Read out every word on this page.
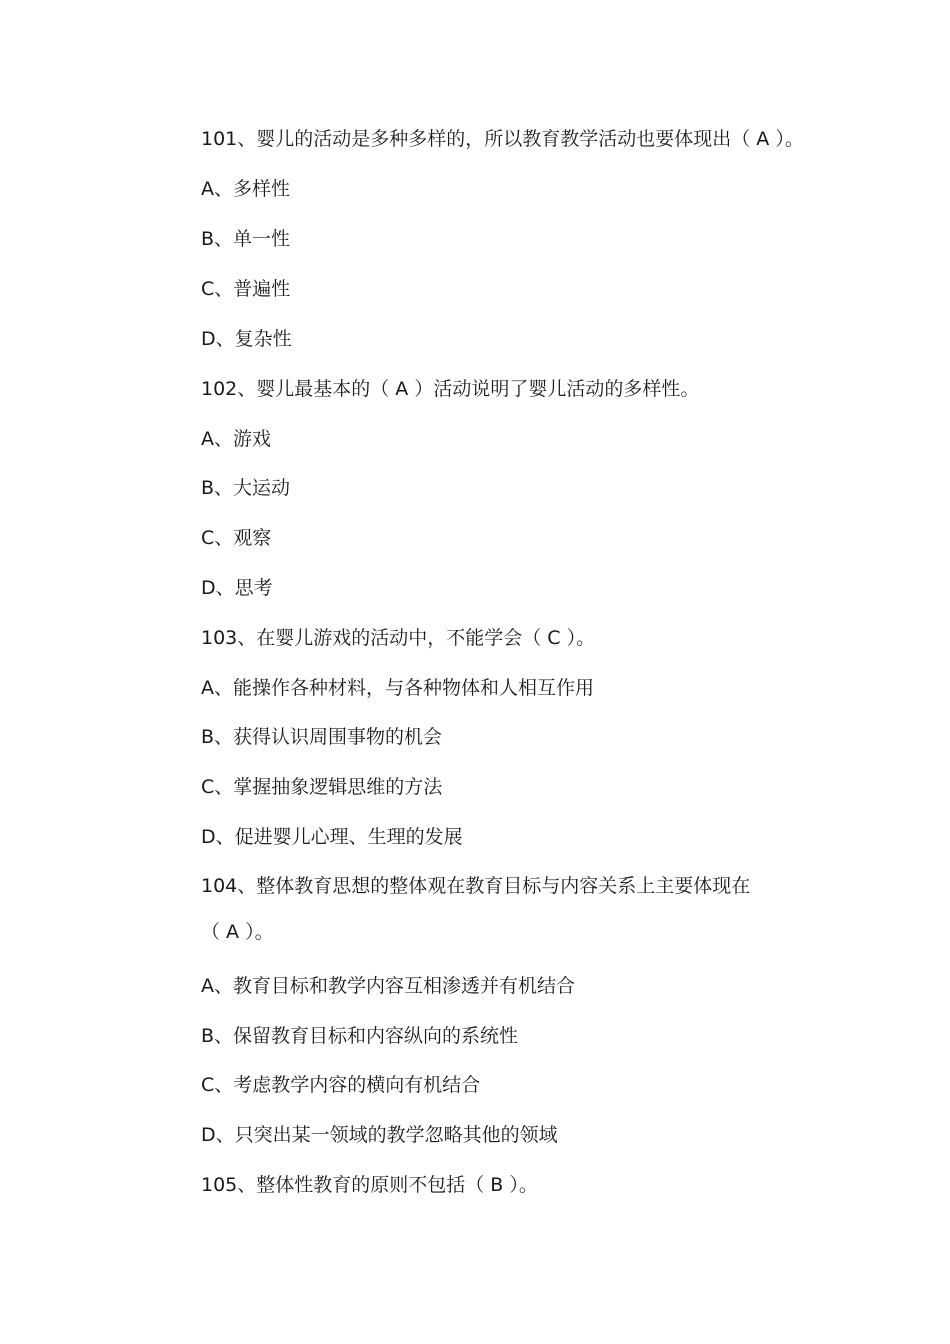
101、婴儿的活动是多种多样的，所以教育教学活动也要体现出（ A ）。
A、多样性
B、单一性
C、普遍性
D、复杂性
102、婴儿最基本的（ A ）活动说明了婴儿活动的多样性。
A、游戏
B、大运动
C、观察
D、思考
103、在婴儿游戏的活动中，不能学会（ C ）。
A、能操作各种材料，与各种物体和人相互作用
B、获得认识周围事物的机会
C、掌握抽象逻辑思维的方法
D、促进婴儿心理、生理的发展
104、整体教育思想的整体观在教育目标与内容关系上主要体现在
（ A ）。
A、教育目标和教学内容互相渗透并有机结合
B、保留教育目标和内容纵向的系统性
C、考虑教学内容的横向有机结合
D、只突出某一领域的教学忽略其他的领域
105、整体性教育的原则不包括（ B ）。
